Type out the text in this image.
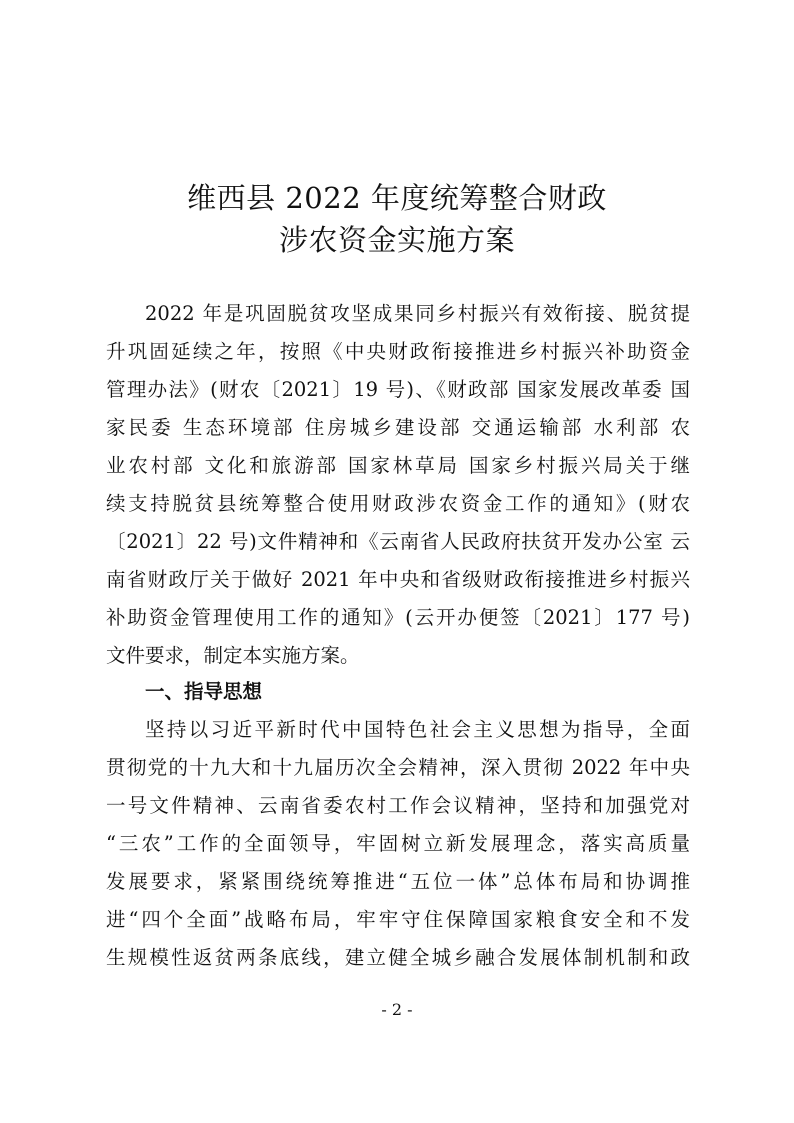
维西县 2022 年度统筹整合财政
涉农资金实施方案
2022 年是巩固脱贫攻坚成果同乡村振兴有效衔接、脱贫提
升巩固延续之年，按照《中央财政衔接推进乡村振兴补助资金
管理办法》(财农〔2021〕19 号)、《财政部 国家发展改革委 国
家民委 生态环境部 住房城乡建设部 交通运输部 水利部 农
业农村部 文化和旅游部 国家林草局 国家乡村振兴局关于继
续支持脱贫县统筹整合使用财政涉农资金工作的通知》(财农
〔2021〕22 号)文件精神和《云南省人民政府扶贫开发办公室 云
南省财政厅关于做好 2021 年中央和省级财政衔接推进乡村振兴
补助资金管理使用工作的通知》(云开办便签〔2021〕177 号)
文件要求，制定本实施方案。
一、指导思想
坚持以习近平新时代中国特色社会主义思想为指导，全面
贯彻党的十九大和十九届历次全会精神，深入贯彻 2022 年中央
一号文件精神、云南省委农村工作会议精神，坚持和加强党对
“三农”工作的全面领导，牢固树立新发展理念，落实高质量
发展要求，紧紧围绕统筹推进“五位一体”总体布局和协调推
进“四个全面”战略布局，牢牢守住保障国家粮食安全和不发
生规模性返贫两条底线，建立健全城乡融合发展体制机制和政
- 2 -
